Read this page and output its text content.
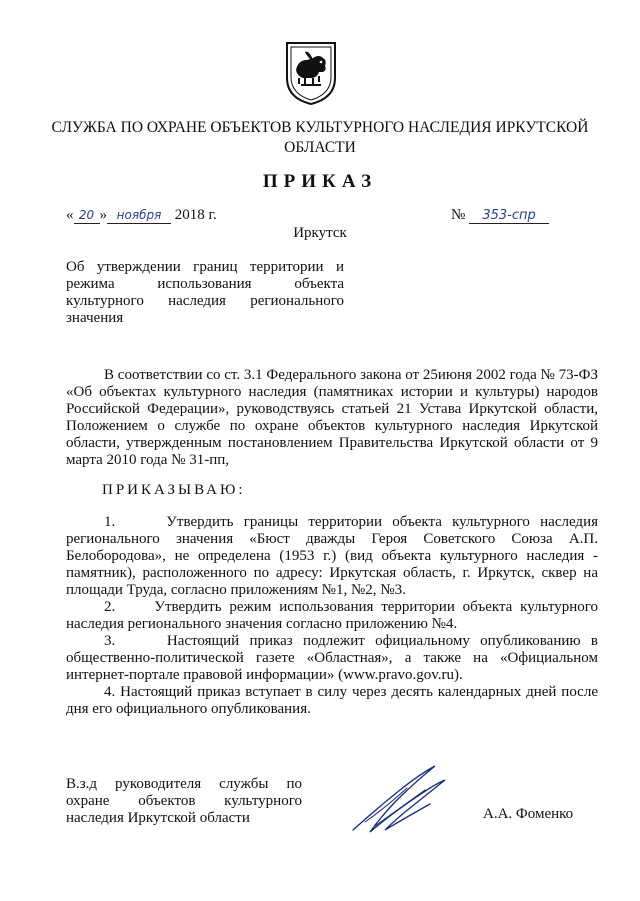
СЛУЖБА ПО ОХРАНЕ ОБЪЕКТОВ КУЛЬТУРНОГО НАСЛЕДИЯ ИРКУТСКОЙ
ОБЛАСТИ
ПРИКАЗ
« 20 » ноября 2018 г.	№ 353-спр
Иркутск
Об утверждении границ территории и режима использования объекта культурного наследия регионального значения
В соответствии со ст. 3.1 Федерального закона от 25июня 2002 года № 73-ФЗ «Об объектах культурного наследия (памятниках истории и культуры) народов Российской Федерации», руководствуясь статьей 21 Устава Иркутской области, Положением о службе по охране объектов культурного наследия Иркутской области, утвержденным постановлением Правительства Иркутской области от 9 марта 2010 года № 31-пп,
ПРИКАЗЫВАЮ:
1.     Утвердить границы территории объекта культурного наследия регионального значения «Бюст дважды Героя Советского Союза А.П. Белобородова», не определена (1953 г.) (вид объекта культурного наследия - памятник), расположенного по адресу: Иркутская область, г. Иркутск, сквер на площади Труда, согласно приложениям №1, №2, №3.
2.     Утвердить режим использования территории объекта культурного наследия регионального значения согласно приложению №4.
3.     Настоящий приказ подлежит официальному опубликованию в общественно-политической газете «Областная», а также на «Официальном интернет-портале правовой информации» (www.pravo.gov.ru).
4. Настоящий приказ вступает в силу через десять календарных дней после дня его официального опубликования.
В.з.д руководителя службы по охране объектов культурного наследия Иркутской области	А.А. Фоменко
